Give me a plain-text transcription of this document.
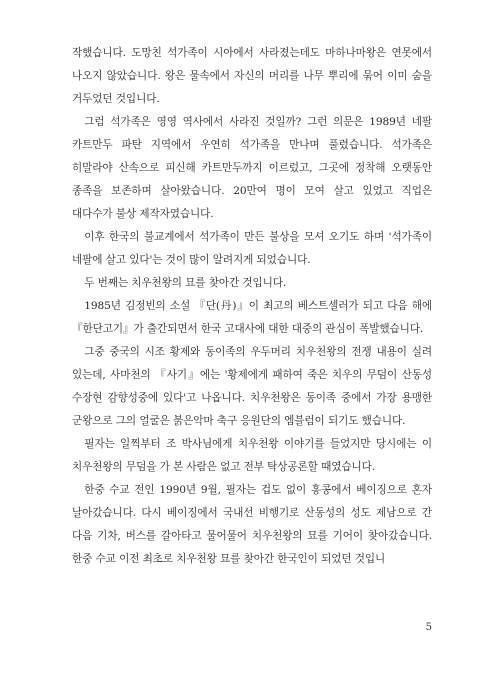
작했습니다. 도망친 석가족이 시아에서 사라졌는데도 마하나마왕은 연못에서 나오지 않았습니다. 왕은 물속에서 자신의 머리를 나무 뿌리에 묶어 이미 숨을 거두었던 것입니다.

그럼 석가족은 영영 역사에서 사라진 것일까? 그런 의문은 1989년 네팔 카트만두 파탄 지역에서 우연히 석가족을 만나며 풀렸습니다. 석가족은 히말라야 산속으로 피신해 카트만두까지 이르렀고, 그곳에 정착해 오랫동안 종족을 보존하며 살아왔습니다. 20만여 명이 모여 살고 있었고 직업은 대다수가 불상 제작자였습니다.

이후 한국의 불교계에서 석가족이 만든 불상을 모셔 오기도 하며 '석가족이 네팔에 살고 있다'는 것이 많이 알려지게 되었습니다.

두 번째는 치우천왕의 묘를 찾아간 것입니다.

1985년 김정빈의 소설 『단(丹)』이 최고의 베스트셀러가 되고 다음 해에 『한단고기』가 출간되면서 한국 고대사에 대한 대중의 관심이 폭발했습니다.

그중 중국의 시조 황제와 동이족의 우두머리 치우천왕의 전쟁 내용이 실려 있는데, 사마천의 『사기』에는 '황제에게 패하여 죽은 치우의 무덤이 산동성 수장현 감향성중에 있다'고 나옵니다. 치우천왕은 동이족 중에서 가장 용맹한 군왕으로 그의 얼굴은 붉은악마 축구 응원단의 엠블럼이 되기도 했습니다.

필자는 일찍부터 조 박사님에게 치우천왕 이야기를 들었지만 당시에는 이 치우천왕의 무덤을 가 본 사람은 없고 전부 탁상공론할 때였습니다.

한중 수교 전인 1990년 9월, 필자는 겁도 없이 홍콩에서 베이징으로 혼자 날아갔습니다. 다시 베이징에서 국내선 비행기로 산동성의 성도 제남으로 간 다음 기차, 버스를 갈아타고 물어물어 치우천왕의 묘를 기어이 찾아갔습니다. 한중 수교 이전 최초로 치우천왕 묘를 찾아간 한국인이 되었던 것입니

5
